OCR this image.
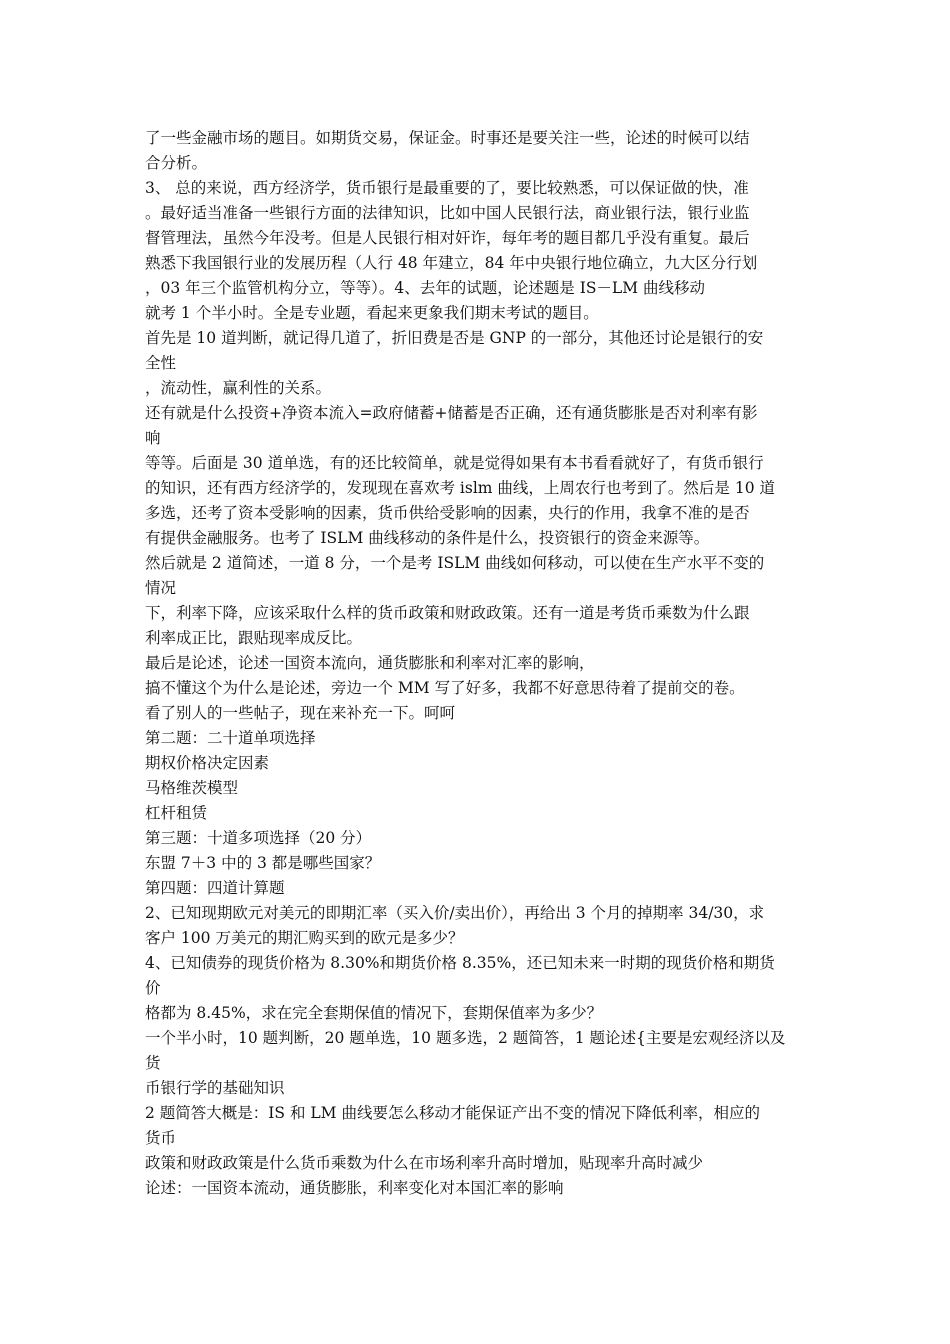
了一些金融市场的题目。如期货交易，保证金。时事还是要关注一些，论述的时候可以结

合分析。

3、 总的来说，西方经济学，货币银行是最重要的了，要比较熟悉，可以保证做的快，准

。最好适当准备一些银行方面的法律知识，比如中国人民银行法，商业银行法，银行业监

督管理法，虽然今年没考。但是人民银行相对奸诈，每年考的题目都几乎没有重复。最后

熟悉下我国银行业的发展历程（人行 48 年建立，84 年中央银行地位确立，九大区分行划

，03 年三个监管机构分立，等等）。4、去年的试题，论述题是 IS－LM 曲线移动

就考 1 个半小时。全是专业题，看起来更象我们期末考试的题目。

首先是 10 道判断，就记得几道了，折旧费是否是 GNP 的一部分，其他还讨论是银行的安

全性

，流动性，赢利性的关系。

还有就是什么投资+净资本流入=政府储蓄+储蓄是否正确，还有通货膨胀是否对利率有影

响

等等。后面是 30 道单选，有的还比较简单，就是觉得如果有本书看看就好了，有货币银行

的知识，还有西方经济学的，发现现在喜欢考 islm 曲线，上周农行也考到了。然后是 10 道

多选，还考了资本受影响的因素，货币供给受影响的因素，央行的作用，我拿不准的是否

有提供金融服务。也考了 ISLM 曲线移动的条件是什么，投资银行的资金来源等。

然后就是 2 道简述，一道 8 分，一个是考 ISLM 曲线如何移动，可以使在生产水平不变的

情况

下，利率下降，应该采取什么样的货币政策和财政政策。还有一道是考货币乘数为什么跟

利率成正比，跟贴现率成反比。

最后是论述，论述一国资本流向，通货膨胀和利率对汇率的影响，

搞不懂这个为什么是论述，旁边一个 MM 写了好多，我都不好意思待着了提前交的卷。

看了别人的一些帖子，现在来补充一下。呵呵

第二题：二十道单项选择

期权价格决定因素

马格维茨模型

杠杆租赁

第三题：十道多项选择（20 分）

东盟 7＋3 中的 3 都是哪些国家？

第四题：四道计算题

2、已知现期欧元对美元的即期汇率（买入价/卖出价），再给出 3 个月的掉期率 34/30，求

客户 100 万美元的期汇购买到的欧元是多少？

4、已知债券的现货价格为 8.30%和期货价格 8.35%，还已知未来一时期的现货价格和期货

价

格都为 8.45%，求在完全套期保值的情况下，套期保值率为多少？

一个半小时，10 题判断，20 题单选，10 题多选，2 题简答，1 题论述{主要是宏观经济以及

货

币银行学的基础知识

2 题简答大概是：IS 和 LM 曲线要怎么移动才能保证产出不变的情况下降低利率，相应的

货币

政策和财政政策是什么货币乘数为什么在市场利率升高时增加，贴现率升高时减少

论述：一国资本流动，通货膨胀，利率变化对本国汇率的影响
